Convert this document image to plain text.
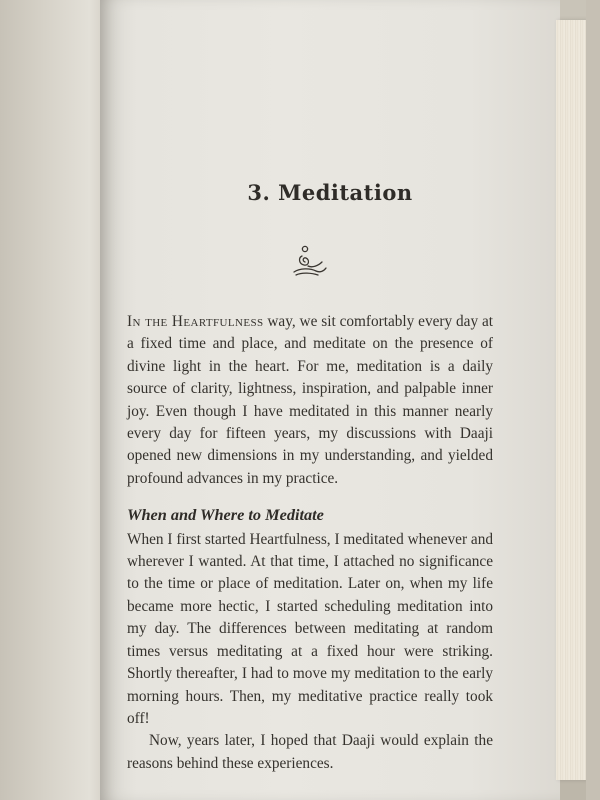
3. Meditation

In the Heartfulness way, we sit comfortably every day at a fixed time and place, and meditate on the presence of divine light in the heart. For me, meditation is a daily source of clarity, lightness, inspiration, and palpable inner joy. Even though I have meditated in this manner nearly every day for fifteen years, my discussions with Daaji opened new dimensions in my understanding, and yielded profound advances in my practice.

When and Where to Meditate

When I first started Heartfulness, I meditated whenever and wherever I wanted. At that time, I attached no significance to the time or place of meditation. Later on, when my life became more hectic, I started scheduling meditation into my day. The differences between meditating at random times versus meditating at a fixed hour were striking. Shortly thereafter, I had to move my meditation to the early morning hours. Then, my meditative practice really took off!

Now, years later, I hoped that Daaji would explain the reasons behind these experiences.
